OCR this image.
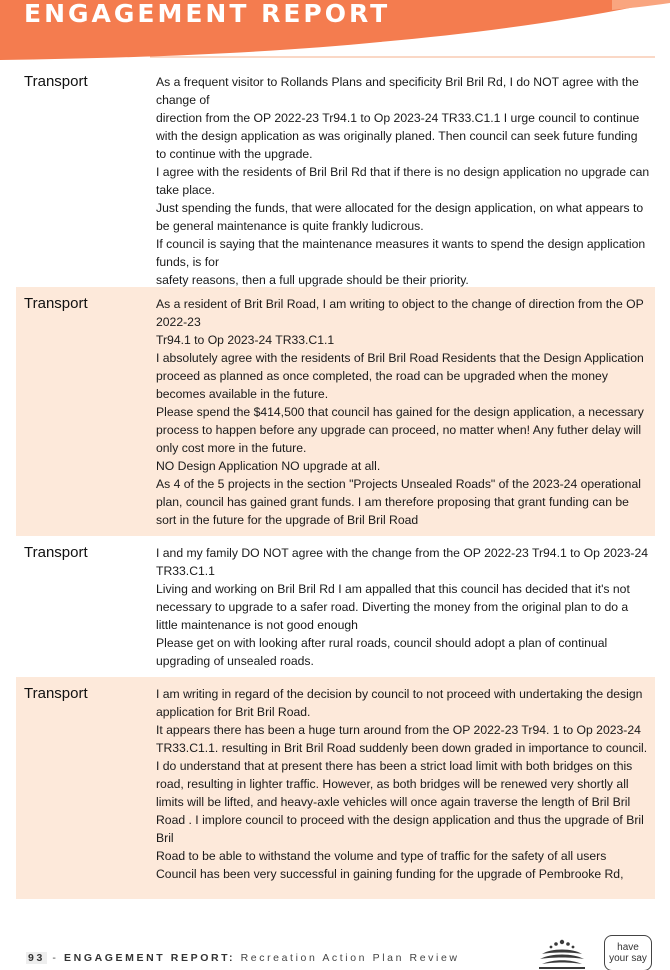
ENGAGEMENT REPORT
Transport	As a frequent visitor to Rollands Plans and specificity Bril Bril Rd, I do NOT agree with the change of

direction from the OP 2022-23 Tr94.1 to Op 2023-24 TR33.C1.1 I urge council to continue with the design application as was originally planed. Then council can seek future funding to continue with the upgrade.

I agree with the residents of Bril Bril Rd that if there is no design application no upgrade can take place.

Just spending the funds, that were allocated for the design application, on what appears to be general maintenance is quite frankly ludicrous.

If council is saying that the maintenance measures it wants to spend the design application funds, is for

safety reasons, then a full upgrade should be their priority.

Transport	As a resident of Brit Bril Road, I am writing to object to the change of direction from the OP 2022-23

Tr94.1 to Op 2023-24 TR33.C1.1

I absolutely agree with the residents of Bril Bril Road Residents that the Design Application proceed as planned as once completed, the road can be upgraded when the money becomes available in the future.

Please spend the $414,500 that council has gained for the design application, a necessary process to happen before any upgrade can proceed, no matter when! Any futher delay will only cost more in the future.

NO Design Application NO upgrade at all.

As 4 of the 5 projects in the section "Projects Unsealed Roads" of the 2023-24 operational plan, council has gained grant funds. I am therefore proposing that grant funding can be sort in the future for the upgrade of Bril Bril Road

Transport	I and my family DO NOT agree with the change from the OP 2022-23 Tr94.1 to Op 2023-24 TR33.C1.1

Living and working on Bril Bril Rd I am appalled that this council has decided that it's not necessary to upgrade to a safer road. Diverting the money from the original plan to do a little maintenance is not good enough

Please get on with looking after rural roads, council should adopt a plan of continual upgrading of unsealed roads.

Transport	I am writing in regard of the decision by council to not proceed with undertaking the design

application for Brit Bril Road.

It appears there has been a huge turn around from the OP 2022-23 Tr94. 1 to Op 2023-24 TR33.C1.1. resulting in Brit Bril Road suddenly been down graded in importance to council. I do understand that at present there has been a strict load limit with both bridges on this road, resulting in lighter traffic. However, as both bridges will be renewed very shortly all limits will be lifted, and heavy-axle vehicles will once again traverse the length of Bril Bril Road . I implore council to proceed with the design application and thus the upgrade of Bril Bril

Road to be able to withstand the volume and type of traffic for the safety of all users

Council has been very successful in gaining funding for the upgrade of Pembrooke Rd,

93 - ENGAGEMENT REPORT: Recreation Action Plan Review
have
your say
